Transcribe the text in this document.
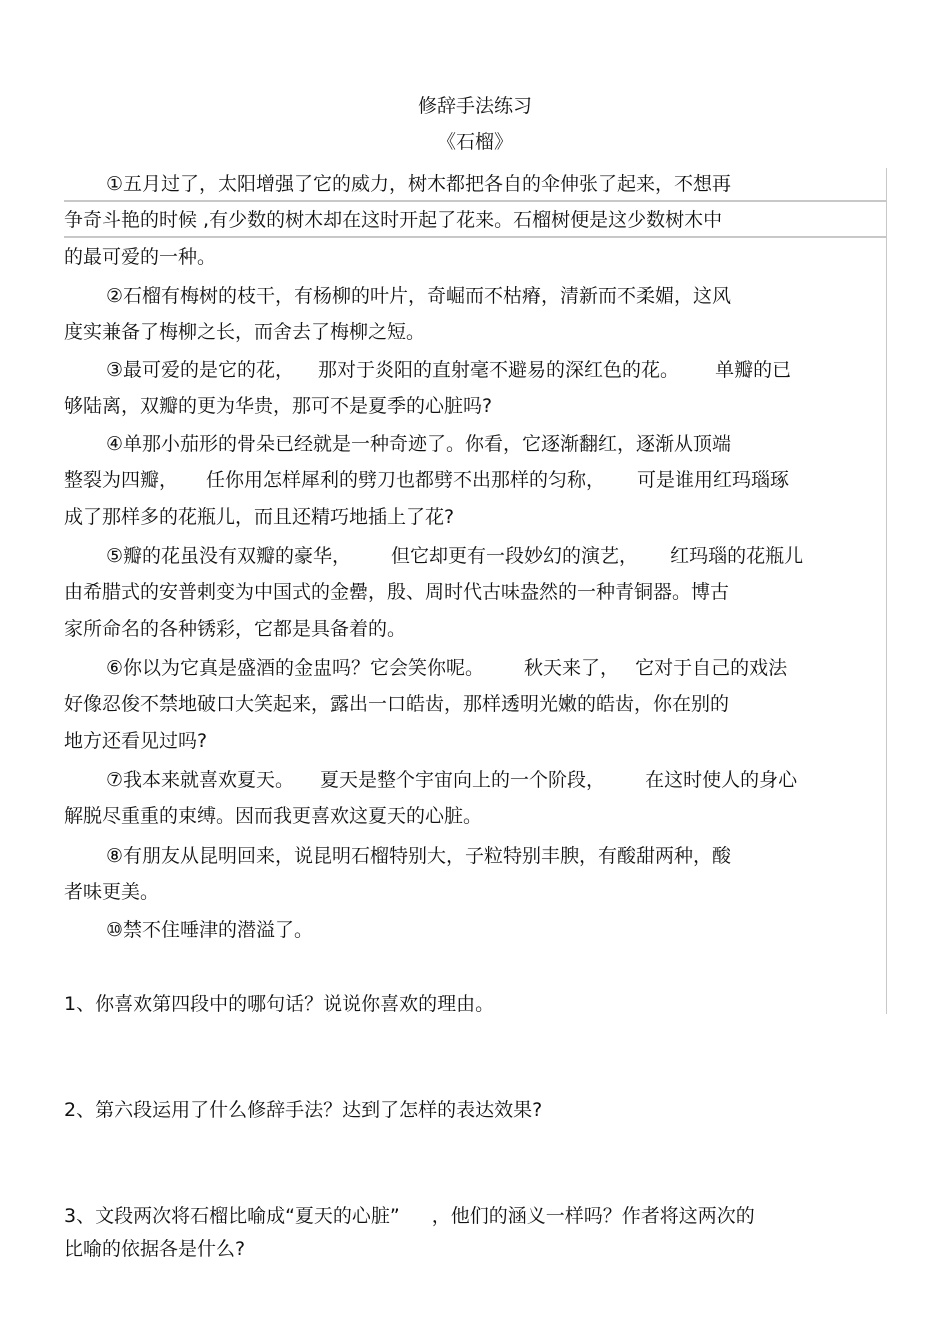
修辞手法练习
《石榴》
①五月过了，太阳增强了它的威力，树木都把各自的伞伸张了起来，不想再
争奇斗艳的时候 ,有少数的树木却在这时开起了花来。石榴树便是这少数树木中
的最可爱的一种。
②石榴有梅树的枝干，有杨柳的叶片，奇崛而不枯瘠，清新而不柔媚，这风
度实兼备了梅柳之长，而舍去了梅柳之短。
③最可爱的是它的花， 那对于炎阳的直射毫不避易的深红色的花。 单瓣的已
够陆离，双瓣的更为华贵，那可不是夏季的心脏吗?
④单那小茄形的骨朵已经就是一种奇迹了。你看，它逐渐翻红，逐渐从顶端
整裂为四瓣， 任你用怎样犀利的劈刀也都劈不出那样的匀称， 可是谁用红玛瑙琢
成了那样多的花瓶儿，而且还精巧地插上了花?
⑤瓣的花虽没有双瓣的豪华， 但它却更有一段妙幻的演艺， 红玛瑙的花瓶儿
由希腊式的安普剌变为中国式的金罍，殷、周时代古味盎然的一种青铜器。博古
家所命名的各种锈彩，它都是具备着的。
⑥你以为它真是盛酒的金盅吗？它会笑你呢。 秋天来了， 它对于自己的戏法
好像忍俊不禁地破口大笑起来，露出一口皓齿，那样透明光嫩的皓齿，你在别的
地方还看见过吗?
⑦我本来就喜欢夏天。 夏天是整个宇宙向上的一个阶段， 在这时使人的身心
解脱尽重重的束缚。因而我更喜欢这夏天的心脏。
⑧有朋友从昆明回来，说昆明石榴特别大，子粒特别丰腴，有酸甜两种，酸
者味更美。
⑩禁不住唾津的潜溢了。
1、你喜欢第四段中的哪句话？说说你喜欢的理由。
2、第六段运用了什么修辞手法？达到了怎样的表达效果?
3、文段两次将石榴比喻成“夏天的心脏” ，他们的涵义一样吗？作者将这两次的
比喻的依据各是什么?
